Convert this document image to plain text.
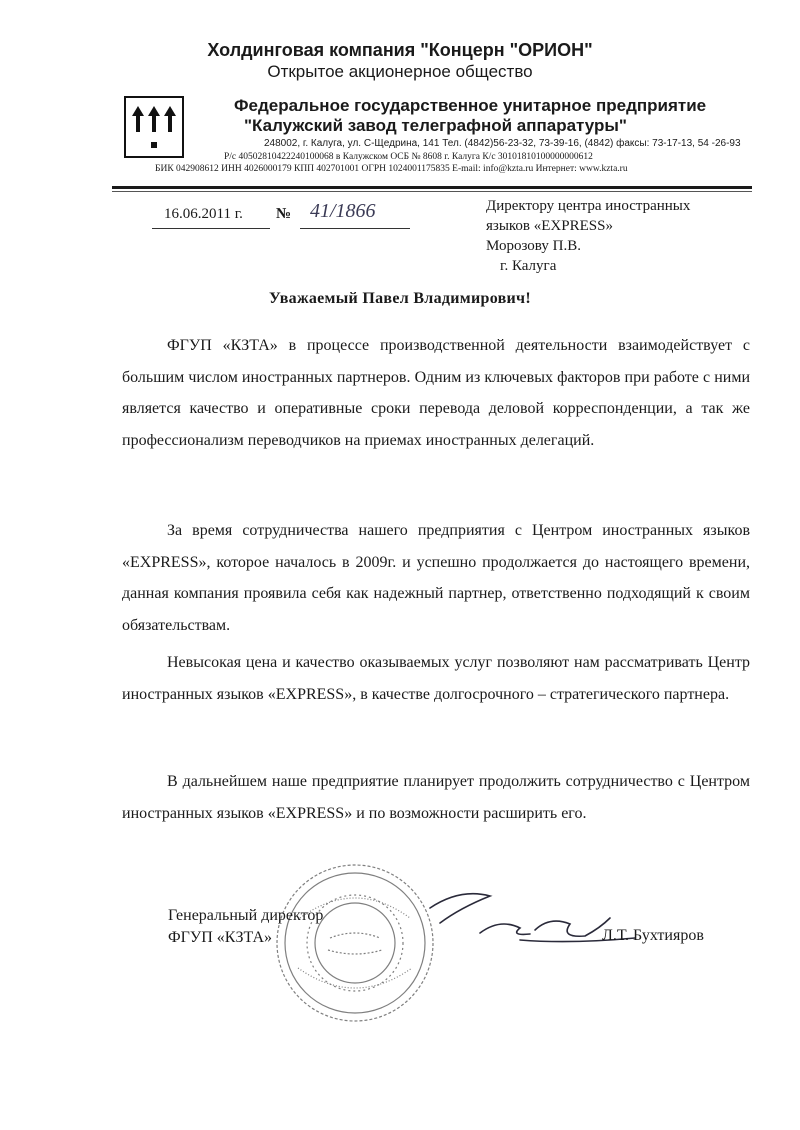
Холдинговая компания "Концерн "ОРИОН"
Открытое акционерное общество
Федеральное государственное унитарное предприятие
"Калужский завод телеграфной аппаратуры"
248002, г. Калуга, ул. С-Щедрина, 141 Тел. (4842)56-23-32, 73-39-16, (4842) факсы: 73-17-13, 54 -26-93
Р/с 40502810422240100068 в Калужском ОСБ № 8608 г. Калуга К/с 30101810100000000612
БИК 042908612 ИНН 4026000179 КПП 402701001 ОГРН 1024001175835 E-mail: info@kzta.ru Интернет: www.kzta.ru
16.06.2011 г. № 41/1866	Директору центра иностранных
языков «EXPRESS»
Морозову П.В.
г. Калуга
Уважаемый Павел Владимирович!

ФГУП «КЗТА» в процессе производственной деятельности взаимодействует с большим числом иностранных партнеров. Одним из ключевых факторов при работе с ними является качество и оперативные сроки перевода деловой корреспонденции, а так же профессионализм переводчиков на приемах иностранных делегаций.

За время сотрудничества нашего предприятия с Центром иностранных языков «EXPRESS», которое началось в 2009г. и успешно продолжается до настоящего времени, данная компания проявила себя как надежный партнер, ответственно подходящий к своим обязательствам.

Невысокая цена и качество оказываемых услуг позволяют нам рассматривать Центр иностранных языков «EXPRESS», в качестве долгосрочного – стратегического партнера.

В дальнейшем наше предприятие планирует продолжить сотрудничество с Центром иностранных языков «EXPRESS» и по возможности расширить его.

Генеральный директор
ФГУП «КЗТА»	Л.Т. Бухтияров
